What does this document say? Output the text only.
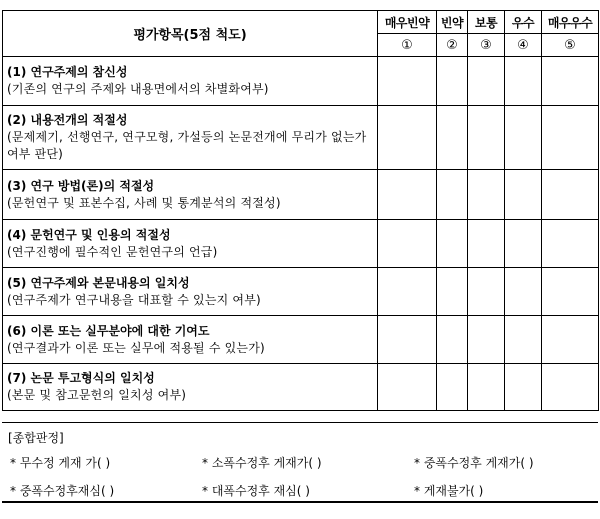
평가항목(5점 척도)	매우빈약	빈약	보통	우수	매우우수
	①	②	③	④	⑤

(1) 연구주제의 참신성
(기존의 연구의 주제와 내용면에서의 차별화여부)					

(2) 내용전개의 적절성
(문제제기, 선행연구, 연구모형, 가설등의 논문전개에 무리가 없는가 여부 판단)					

(3) 연구 방법(론)의 적절성
(문헌연구 및 표본수집, 사례 및 통계분석의 적절성)					

(4) 문헌연구 및 인용의 적절성
(연구진행에 필수적인 문헌연구의 언급)					

(5) 연구주제와 본문내용의 일치성
(연구주제가 연구내용을 대표할 수 있는지 여부)					

(6) 이론 또는 실무분야에 대한 기여도
(연구결과가 이론 또는 실무에 적용될 수 있는가)					

(7) 논문 투고형식의 일치성
(본문 및 참고문헌의 일치성 여부)					

[종합판정]
* 무수정 게재 가( )	* 소폭수정후 게재가( )	* 중폭수정후 게재가( )
* 중폭수정후재심( )	* 대폭수정후 재심( )	* 게재불가( )
